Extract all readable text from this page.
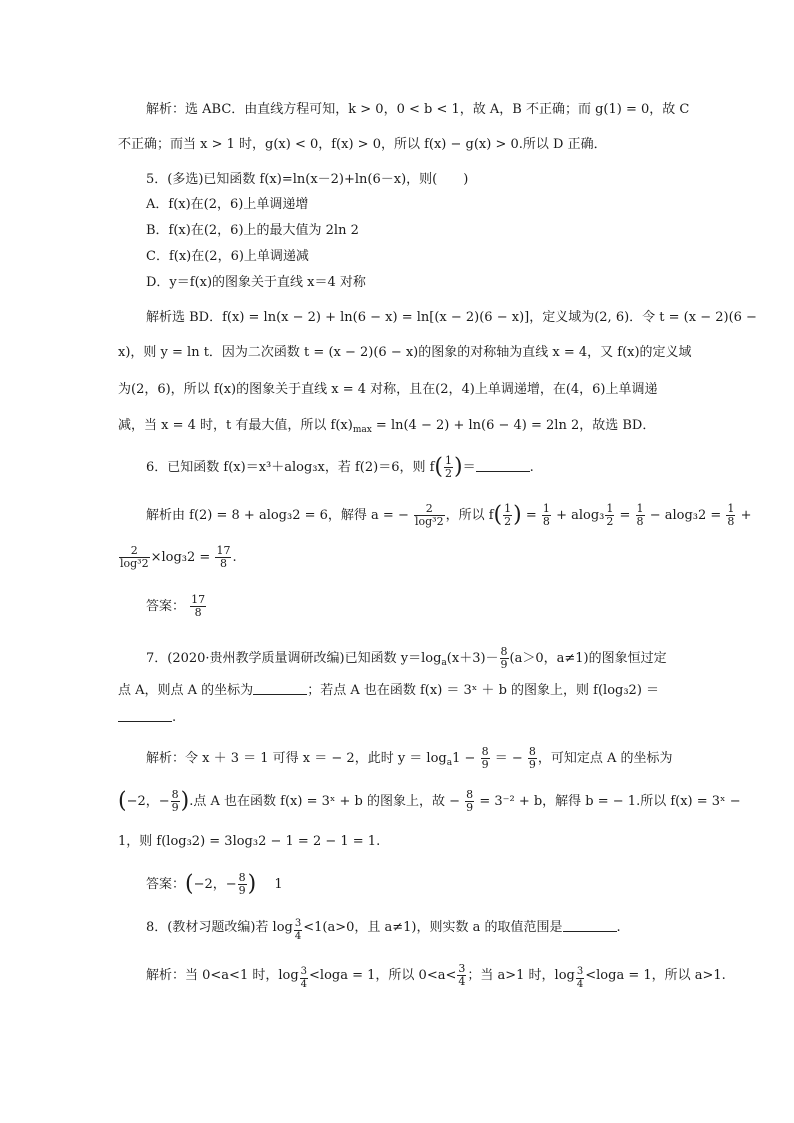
解析：选 ABC．由直线方程可知，k > 0，0 < b < 1，故 A，B 不正确；而 g(1) = 0，故 C
不正确；而当 x > 1 时，g(x) < 0，f(x) > 0，所以 f(x) − g(x) > 0.所以 D 正确．
5．(多选)已知函数 f(x)=ln(x－2)+ln(6－x)，则(　　)
A．f(x)在(2，6)上单调递增
B．f(x)在(2，6)上的最大值为 2ln 2
C．f(x)在(2，6)上单调递减
D．y＝f(x)的图象关于直线 x＝4 对称
解析选 BD．f(x) = ln(x − 2) + ln(6 − x) = ln[(x − 2)(6 − x)]，定义域为(2, 6)．令 t = (x − 2)(6 −
x)，则 y = ln t．因为二次函数 t = (x − 2)(6 − x)的图象的对称轴为直线 x = 4，又 f(x)的定义域
为(2，6)，所以 f(x)的图象关于直线 x = 4 对称，且在(2，4)上单调递增，在(4，6)上单调递
减，当 x = 4 时，t 有最大值，所以 $f(x)_{max} = \ln(4 - 2) + \ln(6 - 4) = 2\ln$ 2，故选 BD．
6．已知函数 f(x)＝x³＋alog₃x，若 f(2)＝6，则 $f( \frac{1}{2}$ )＝	.
解析由 f(2) = 8 + alog₃2 = 6，解得 a = − $\frac{2}{\text{log³2}}$ ，所以 $f( \frac{1}{2}$ ) = $\frac{1}{8} + alog_3 \frac{1}{2} = \frac{1}{8} - alog_32 = \frac{1}{8}$ +
$\frac{2}{\text{log³2}} \times\log_32 = \frac{17}{8}$ .
答案： $\frac{17}{8}$
7．(2020·贵州教学质量调研改编)已知函数 $y=\log_a(x+3)- \frac{8}{9} (a>0$，a≠1)的图象恒过定
点 A，则点 A 的坐标为	；若点 A 也在函数 f(x) ＝ 3ˣ ＋ b 的图象上，则 f(log₃2) ＝
.
解析：令 x ＋ 3 ＝ 1 可得 x ＝ − 2，此时 $y = \log_a1 - \frac{8}{9}$ ＝ − $\frac{8}{9}$ ，可知定点 A 的坐标为
(−2，− $\frac{8}{9}$ ).点 A 也在函数 f(x) = 3ˣ + b 的图象上，故 − $\frac{8}{9} = 3^{-2} + b$，解得 b = − 1.所以 f(x) = 3ˣ −
1，则 f(log₃2) = 3log₃2 − 1 = 2 − 1 = 1.
答案：(−2，− $\frac{8}{9}$ ) 1
8．(教材习题改编)若 $\log \frac{3}{4} <1(a>0$，且 a≠1)，则实数 a 的取值范围是	.
解析：当 0<a<1 时，$\log \frac{3}{4} <\log a = 1$，所以 $0<a< \frac{3}{4}$ ；当 a>1 时，$\log \frac{3}{4} <\log a = 1$，所以 a>1.
